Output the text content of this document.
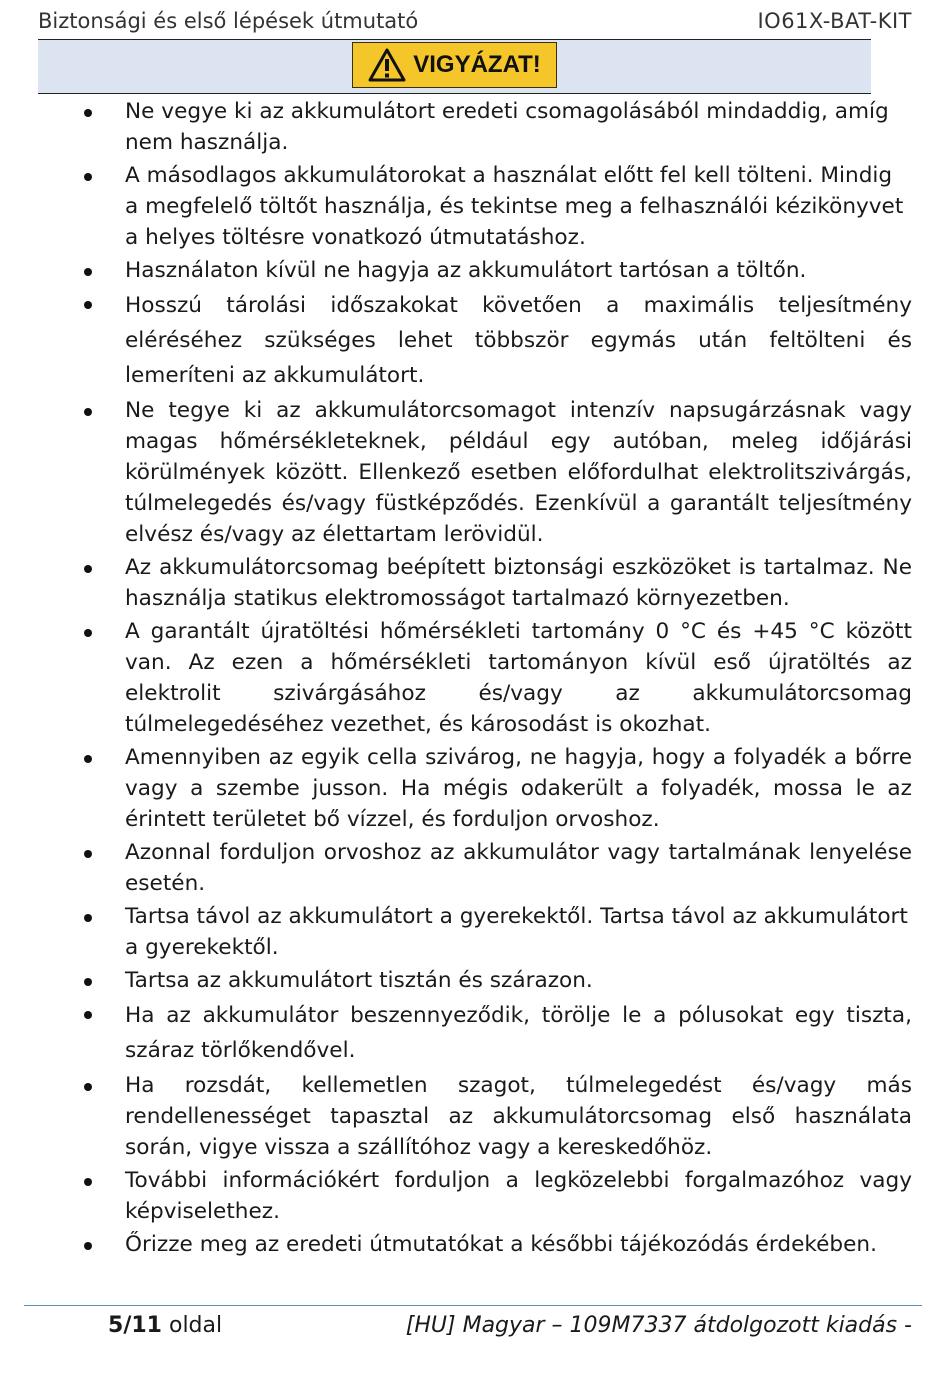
Biztonsági és első lépések útmutató	IO61X-BAT-KIT
VIGYÁZAT!
Ne vegye ki az akkumulátort eredeti csomagolásából mindaddig, amíg nem használja.
A másodlagos akkumulátorokat a használat előtt fel kell tölteni. Mindig a megfelelő töltőt használja, és tekintse meg a felhasználói kézikönyvet a helyes töltésre vonatkozó útmutatáshoz.
Használaton kívül ne hagyja az akkumulátort tartósan a töltőn.
Hosszú tárolási időszakokat követően a maximális teljesítmény eléréséhez szükséges lehet többször egymás után feltölteni és lemeríteni az akkumulátort.
Ne tegye ki az akkumulátorcsomagot intenzív napsugárzásnak vagy magas hőmérsékleteknek, például egy autóban, meleg időjárási körülmények között. Ellenkező esetben előfordulhat elektrolitszivárgás, túlmelegedés és/vagy füstképződés. Ezenkívül a garantált teljesítmény elvész és/vagy az élettartam lerövidül.
Az akkumulátorcsomag beépített biztonsági eszközöket is tartalmaz. Ne használja statikus elektromosságot tartalmazó környezetben.
A garantált újratöltési hőmérsékleti tartomány 0 °C és +45 °C között van. Az ezen a hőmérsékleti tartományon kívül eső újratöltés az elektrolit szivárgásához és/vagy az akkumulátorcsomag túlmelegedéséhez vezethet, és károsodást is okozhat.
Amennyiben az egyik cella szivárog, ne hagyja, hogy a folyadék a bőrre vagy a szembe jusson. Ha mégis odakerült a folyadék, mossa le az érintett területet bő vízzel, és forduljon orvoshoz.
Azonnal forduljon orvoshoz az akkumulátor vagy tartalmának lenyelése esetén.
Tartsa távol az akkumulátort a gyerekektől. Tartsa távol az akkumulátort a gyerekektől.
Tartsa az akkumulátort tisztán és szárazon.
Ha az akkumulátor beszennyeződik, törölje le a pólusokat egy tiszta, száraz törlőkendővel.
Ha rozsdát, kellemetlen szagot, túlmelegedést és/vagy más rendellenességet tapasztal az akkumulátorcsomag első használata során, vigye vissza a szállítóhoz vagy a kereskedőhöz.
További információkért forduljon a legközelebbi forgalmazóhoz vagy képviselethez.
Őrizze meg az eredeti útmutatókat a későbbi tájékozódás érdekében.
5/11 oldal	[HU] Magyar – 109M7337 átdolgozott kiadás -
